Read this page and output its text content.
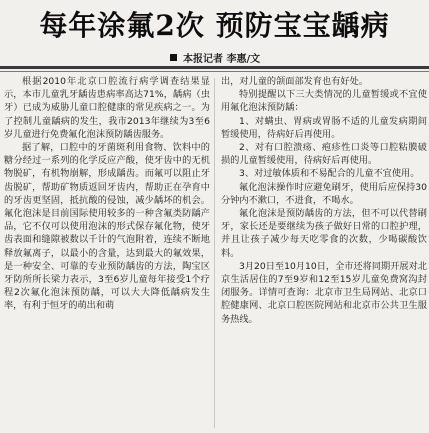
每年涂氟2次 预防宝宝龋病
本报记者 李惠/文

根据2010年北京口腔流行病学调查结果显示，本市儿童乳牙龋齿患病率高达71%，龋病（虫牙）已成为威胁儿童口腔健康的常见疾病之一。为了控制儿童龋病的发生，我市2013年继续为3至6岁儿童进行免费氟化泡沫预防龋齿服务。

据了解，口腔中的牙菌斑利用食物、饮料中的糖分经过一系列的化学反应产酸，使牙齿中的无机物脱矿，有机物崩解，形成龋齿。而氟可以阻止牙齿脱矿，帮助矿物质返回牙齿内，帮助正在孕育中的牙齿更坚固，抵抗酸的侵蚀，减少龋坏的机会。氟化泡沫是目前国际使用较多的一种含氟类防龋产品，它不仅可以使用泡沫的形式保存氟化物，使牙齿表面和缝隙被数以千计的气泡附着，连续不断地释放氟离子，以最小的含量，达到最大的氟效果，是一种安全、可靠的专业预防龋齿的方法，陶宝区牙防所所长梁力表示，3至6岁儿童每年接受1个疗程2次氟化泡沫预防龋，可以大大降低龋病发生率，有利于恒牙的萌出和萌

出，对儿童的颌面部发育也有好处。

特别提醒以下三大类情况的儿童暂缓或不宜使用氟化泡沫预防龋：

1、对螨虫、胃病或胃肠不适的儿童发病期间暂缓使用，待病好后再使用。

2、对有口腔溃疡、疱疹性口炎等口腔粘膜破损的儿童暂缓使用，待病好后再使用。

3、对过敏体质和不易配合的儿童不宜使用。

氟化泡沫操作时应避免刷牙，使用后应保持30分钟内不漱口，不进食，不喝水。

氟化泡沫是预防龋齿的方法，但不可以代替刷牙，家长还是要继续为孩子做好日常的口腔护理，并且让孩子减少每天吃零食的次数，少喝碳酸饮料。

3月20日至10月10日，全市还将同期开展对北京生活居住的7至9岁和12至15岁儿童免费窝沟封闭服务。详情可查询：北京市卫生局网站、北京口腔健康网、北京口腔医院网站和北京市公共卫生服务热线。
